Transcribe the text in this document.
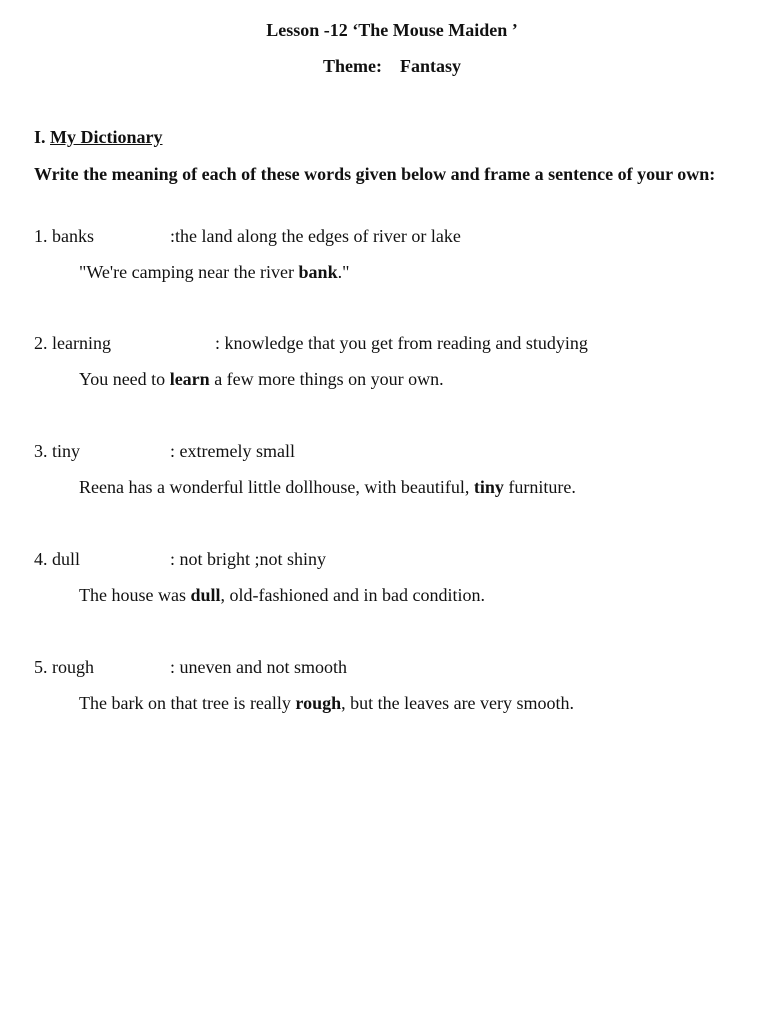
Lesson -12 ‘The Mouse Maiden ’
Theme:    Fantasy
I. My Dictionary
Write the meaning of each of these words given below and frame a sentence of your own:
1. banks	:the land along the edges of river or lake
"We're camping near the river bank."
2. learning	: knowledge that you get from reading and studying
You need to learn a few more things on your own.
3. tiny	: extremely small
Reena has a wonderful little dollhouse, with beautiful, tiny furniture.
4. dull	: not bright ;not shiny
The house was dull, old-fashioned and in bad condition.
5. rough	: uneven and not smooth
The bark on that tree is really rough, but the leaves are very smooth.
